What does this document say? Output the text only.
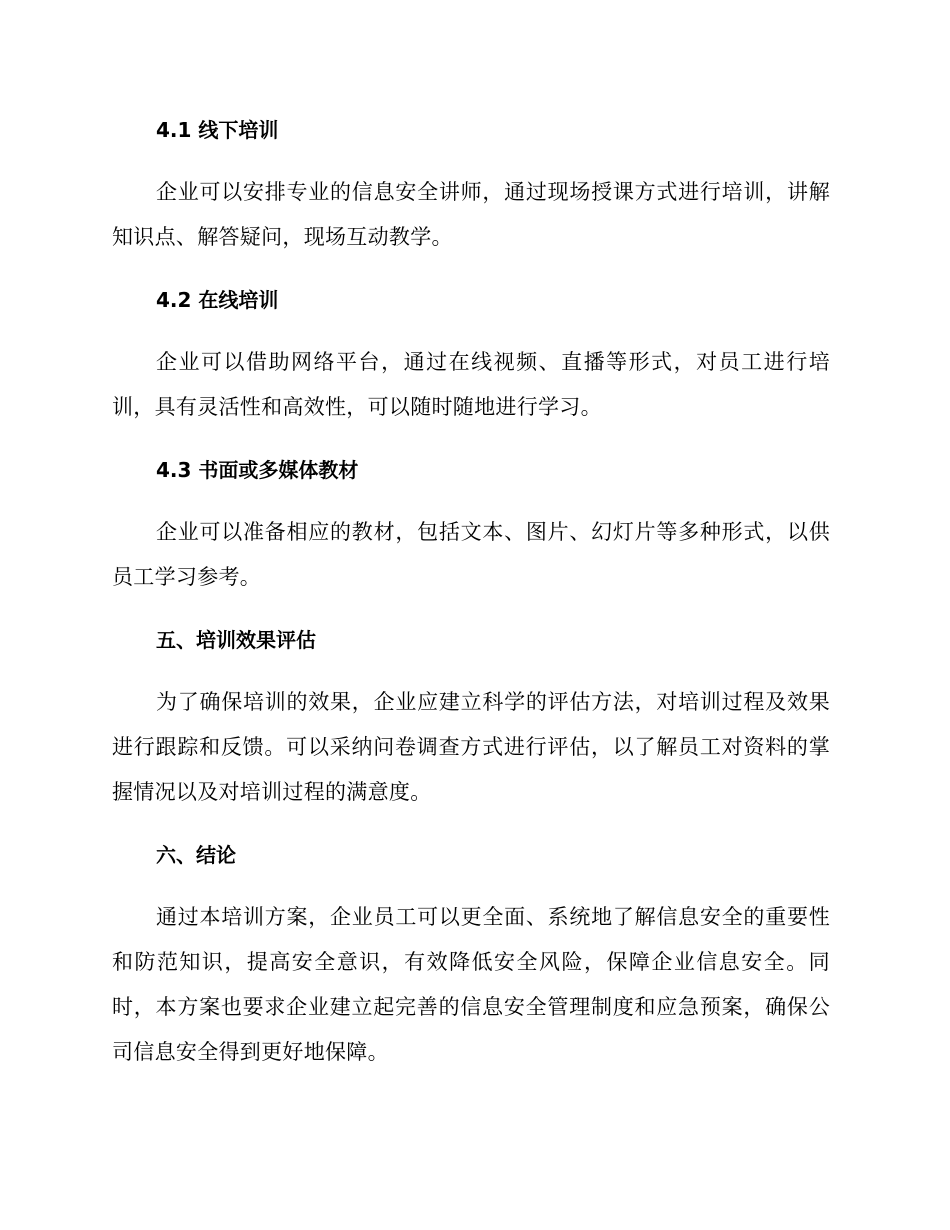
4.1 线下培训

企业可以安排专业的信息安全讲师，通过现场授课方式进行培训，讲解知识点、解答疑问，现场互动教学。

4.2 在线培训

企业可以借助网络平台，通过在线视频、直播等形式，对员工进行培训，具有灵活性和高效性，可以随时随地进行学习。

4.3 书面或多媒体教材

企业可以准备相应的教材，包括文本、图片、幻灯片等多种形式，以供员工学习参考。

五、培训效果评估

为了确保培训的效果，企业应建立科学的评估方法，对培训过程及效果进行跟踪和反馈。可以采纳问卷调查方式进行评估，以了解员工对资料的掌握情况以及对培训过程的满意度。

六、结论

通过本培训方案，企业员工可以更全面、系统地了解信息安全的重要性和防范知识，提高安全意识，有效降低安全风险，保障企业信息安全。同时，本方案也要求企业建立起完善的信息安全管理制度和应急预案，确保公司信息安全得到更好地保障。
